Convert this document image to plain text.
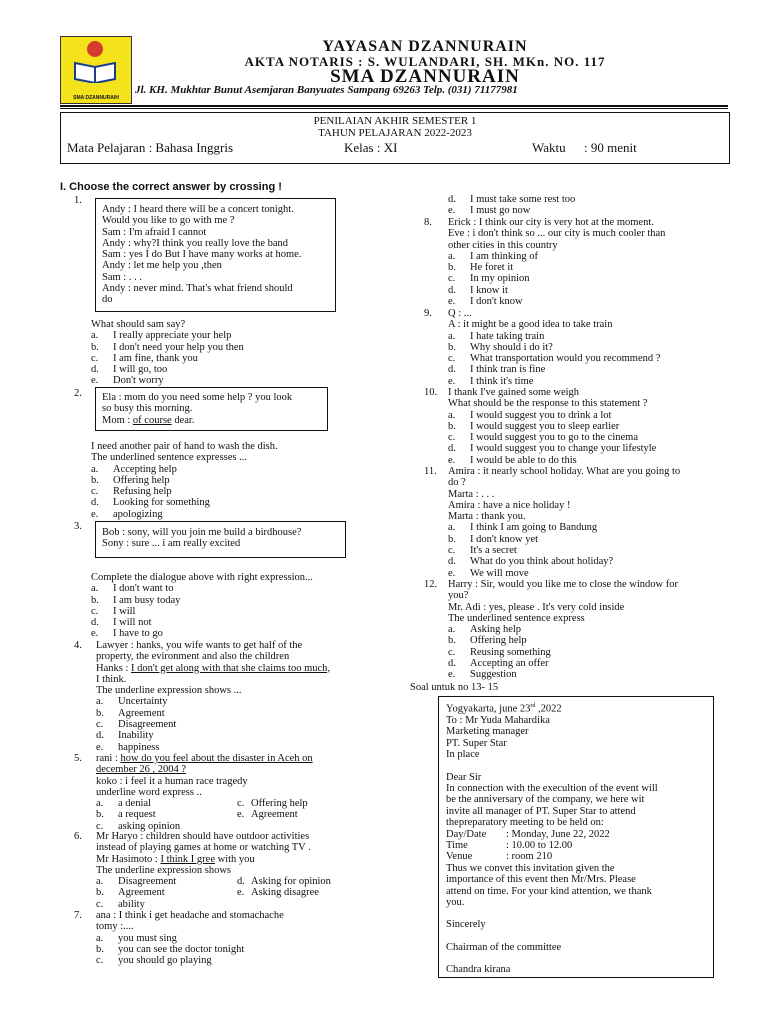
SMA DZANNURAIH
YAYASAN DZANNURAIN
AKTA NOTARIS : S. WULANDARI, SH. MKn. NO. 117
SMA DZANNURAIN
Jl. KH. Mukhtar Bunut Asemjaran Banyuates Sampang 69263 Telp. (031) 71177981
PENILAIAN AKHIR SEMESTER 1
TAHUN PELAJARAN 2022-2023
Mata Pelajaran : Bahasa Inggris	Kelas : XI	Waktu : 90 menit
I. Choose the correct answer by crossing !
1.
Andy : I heard there will be a concert tonight.
Would you like to go with me ?
Sam : I'm afraid I cannot
Andy : why?I think you really love the band
Sam : yes I do But I have many works at home.
Andy : let me help you ,then
Sam : . . .
Andy : never mind. That's what friend should
do
What should sam say?
a. I really appreciate your help
b. I don't need your help you then
c. I am fine, thank you
d. I will go, too
e. Don't worry
2. Ela : mom do you need some help ? you look
so busy this morning.
Mom : of course dear.
I need another pair of hand to wash the dish.
The underlined sentence expresses ...
a. Accepting help
b. Offering help
c. Refusing help
d. Looking for something
e. apologizing
3.
Bob : sony, will you join me build a birdhouse?
Sony : sure ... i am really excited
Complete the dialogue above with right expression...
a. I don't want to
b. I am busy today
c. I will
d. I will not
e. I have to go
4. Lawyer : hanks, you wife wants to get half of the
property, the evironment and also the children
Hanks : I don't get along with that she claims too much,
I think.
The underline expression shows ...
a. Uncertainty
b. Agreement
c. Disagreement
d. Inability
e. happiness
5. rani : how do you feel about the disaster in Aceh on
december 26 , 2004 ?
koko : i feel it a human race tragedy
underline word express ..
a. a denial
b. a request
c. asking opinion
c. Offering help
e. Agreement
6. Mr Haryo : children should have outdoor activities
instead of playing games at home or watching TV .
Mr Hasimoto : I think I gree with you
The underline expression shows
a. Disagreement
b. Agreement
c. ability
d. Asking for opinion
e. Asking disagree
7. ana : I think i get headache and stomachache
tomy :....
a. you must sing
b. you can see the doctor tonight
c. you should go playing
d. I must take some rest too
e. I must go now
8. Erick : I think our city is very hot at the moment.
Eve : i don't think so ... our city is much cooler than
other cities in this country
a. I am thinking of
b. He foret it
c. In my opinion
d. I know it
e. I don't know
9. Q : ...
A : it might be a good idea to take train
a. I hate taking train
b. Why should i do it?
c. What transportation would you recommend ?
d. I think tran is fine
e. I think it's time
10. I thank I've gained some weigh
What should be the response to this statement ?
a. I would suggest you to drink a lot
b. I would suggest you to sleep earlier
c. I would suggest you to go to the cinema
d. I would suggest you to change your lifestyle
e. I would be able to do this
11. Amira : it nearly school holiday. What are you going to
do ?
Marta : . . .
Amira : have a nice holiday !
Marta : thank you.
a. I think I am going to Bandung
b. I don't know yet
c. It's a secret
d. What do you think about holiday?
e. We will move
12. Harry : Sir, would you like me to close the window for
you?
Mr. Adi : yes, please . It's very cold inside
The underlined sentence express
a. Asking help
b. Offering help
c. Reusing something
d. Accepting an offer
e. Suggestion
Soal untuk no 13- 15
Yogyakarta, june 23rd ,2022
To : Mr Yuda Mahardika
Marketing manager
PT. Super Star
In place
Dear Sir
In connection with the execultion of the event will
be the anniversary of the company, we here wit
invite all manager of PT. Super Star to attend
thepreparatory meeting to be held on:
Day/Date : Monday, June 22, 2022
Time	: 10.00 to 12.00
Venue	: room 210
Thus we convet this invitation given the
importance of this event then Mr/Mrs. Please
attend on time. For your kind attention, we thank
you.
Sincerely
Chairman of the committee
Chandra kirana
